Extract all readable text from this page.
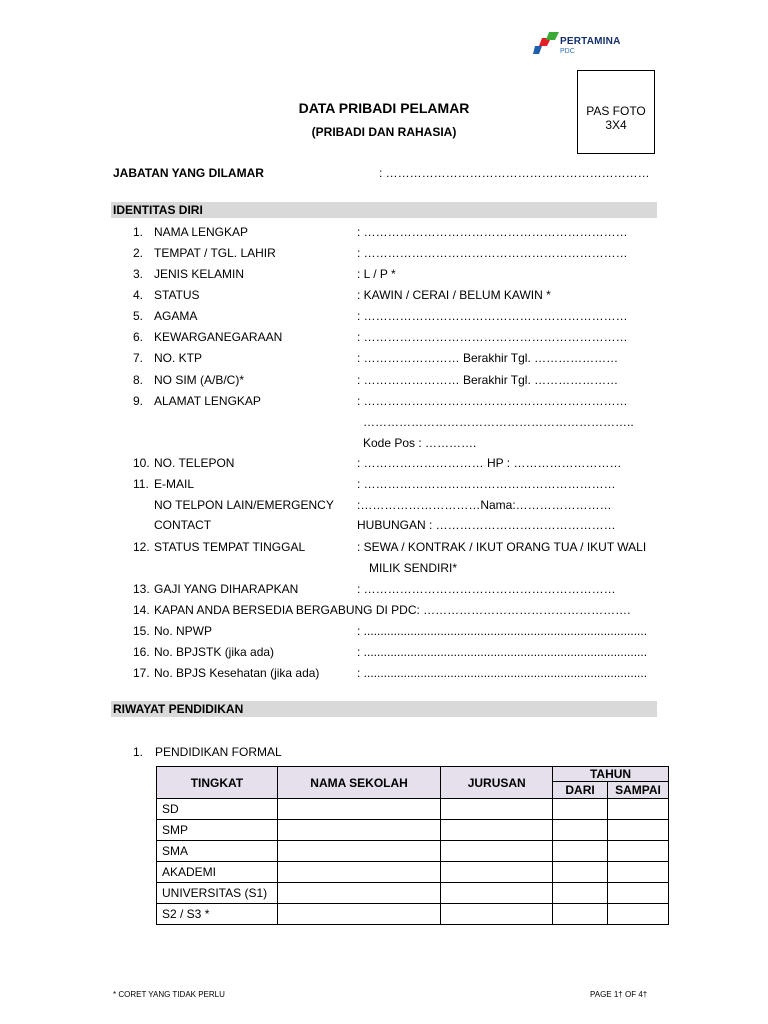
PERTAMINA
PDC
PAS FOTO
3X4
DATA PRIBADI PELAMAR
(PRIBADI DAN RAHASIA)
JABATAN YANG DILAMAR	: …………………………………………………………
IDENTITAS DIRI
1. NAMA LENGKAP	: …………………………………………………………
2. TEMPAT / TGL. LAHIR	: …………………………………………………………
3. JENIS KELAMIN	: L / P *
4. STATUS	: KAWIN / CERAI / BELUM KAWIN *
5. AGAMA	: …………………………………………………………
6. KEWARGANEGARAAN	: …………………………………………………………
7. NO. KTP	: …………………… Berakhir Tgl. …………………
8. NO SIM (A/B/C)*	: …………………… Berakhir Tgl. …………………
9. ALAMAT LENGKAP	: …………………………………………………………
…………………………………………………………..
Kode Pos : ………….
10. NO. TELEPON	: ………………………… HP : ………………………
11. E-MAIL	: ………………………………………………………
NO TELPON LAIN/EMERGENCY :…………………………Nama:……………………
CONTACT	HUBUNGAN : ………………………………………
12. STATUS TEMPAT TINGGAL	: SEWA / KONTRAK / IKUT ORANG TUA / IKUT WALI
MILIK SENDIRI*
13. GAJI YANG DIHARAPKAN	: ………………………………………………………
14. KAPAN ANDA BERSEDIA BERGABUNG DI PDC: …………………………………………….
15. No. NPWP	: .....................................................................................
16. No. BPJSTK (jika ada)	: .....................................................................................
17. No. BPJS Kesehatan (jika ada)	: .....................................................................................
RIWAYAT PENDIDIKAN
1. PENDIDIKAN FORMAL
TINGKAT	NAMA SEKOLAH	JURUSAN	TAHUN	
			DARI	SAMPAI
SD				
SMP				
SMA				
AKADEMI				
UNIVERSITAS (S1)				
S2 / S3 *				
* CORET YANG TIDAK PERLU	PAGE 1† OF 4†
